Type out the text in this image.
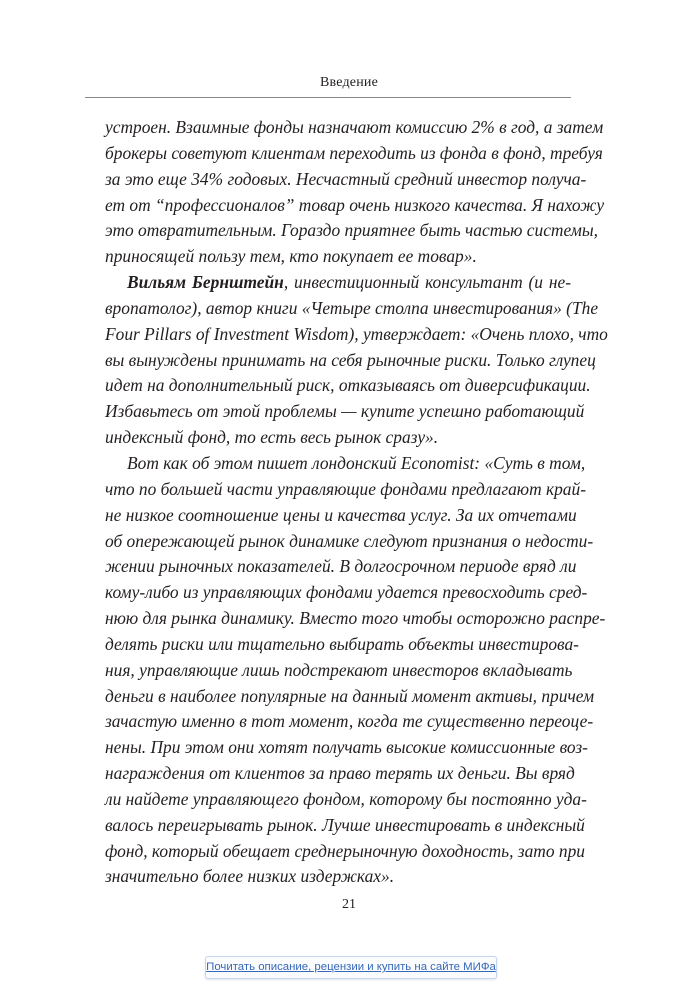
Введение

устроен. Взаимные фонды назначают комиссию 2% в год, а затем
брокеры советуют клиентам переходить из фонда в фонд, требуя
за это еще 34% годовых. Несчастный средний инвестор получа-
ет от “профессионалов” товар очень низкого качества. Я нахожу
это отвратительным. Гораздо приятнее быть частью системы,
приносящей пользу тем, кто покупает ее товар».

Вильям Бернштейн, инвестиционный консультант (и не-
вропатолог), автор книги «Четыре столпа инвестирования» (The
Four Pillars of Investment Wisdom), утверждает: «Очень плохо, что
вы вынуждены принимать на себя рыночные риски. Только глупец
идет на дополнительный риск, отказываясь от диверсификации.
Избавьтесь от этой проблемы — купите успешно работающий
индексный фонд, то есть весь рынок сразу».

Вот как об этом пишет лондонский Economist: «Суть в том,
что по большей части управляющие фондами предлагают край-
не низкое соотношение цены и качества услуг. За их отчетами
об опережающей рынок динамике следуют признания о недости-
жении рыночных показателей. В долгосрочном периоде вряд ли
кому-либо из управляющих фондами удается превосходить сред-
нюю для рынка динамику. Вместо того чтобы осторожно распре-
делять риски или тщательно выбирать объекты инвестирова-
ния, управляющие лишь подстрекают инвесторов вкладывать
деньги в наиболее популярные на данный момент активы, причем
зачастую именно в тот момент, когда те существенно переоце-
нены. При этом они хотят получать высокие комиссионные воз-
награждения от клиентов за право терять их деньги. Вы вряд
ли найдете управляющего фондом, которому бы постоянно уда-
валось переигрывать рынок. Лучше инвестировать в индексный
фонд, который обещает среднерыночную доходность, зато при
значительно более низких издержках».

21
Почитать описание, рецензии и купить на сайте МИФа
